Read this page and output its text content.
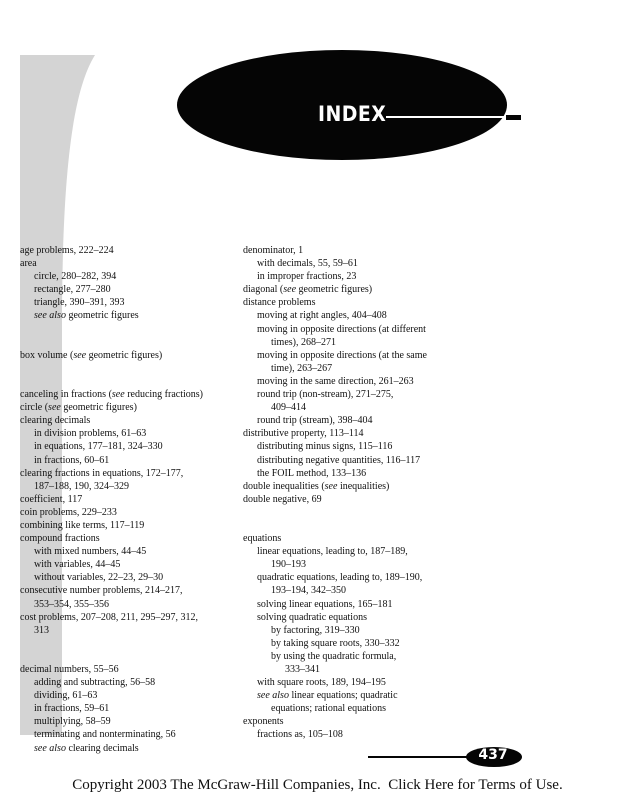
INDEX
age problems, 222–224
area
circle, 280–282, 394
rectangle, 277–280
triangle, 390–391, 393
see also geometric figures
box volume (see geometric figures)
canceling in fractions (see reducing fractions)
circle (see geometric figures)
clearing decimals
in division problems, 61–63
in equations, 177–181, 324–330
in fractions, 60–61
clearing fractions in equations, 172–177,
187–188, 190, 324–329
coefficient, 117
coin problems, 229–233
combining like terms, 117–119
compound fractions
with mixed numbers, 44–45
with variables, 44–45
without variables, 22–23, 29–30
consecutive number problems, 214–217,
353–354, 355–356
cost problems, 207–208, 211, 295–297, 312,
313
decimal numbers, 55–56
adding and subtracting, 56–58
dividing, 61–63
in fractions, 59–61
multiplying, 58–59
terminating and nonterminating, 56
see also clearing decimals
denominator, 1
with decimals, 55, 59–61
in improper fractions, 23
diagonal (see geometric figures)
distance problems
moving at right angles, 404–408
moving in opposite directions (at different
times), 268–271
moving in opposite directions (at the same
time), 263–267
moving in the same direction, 261–263
round trip (non-stream), 271–275,
409–414
round trip (stream), 398–404
distributive property, 113–114
distributing minus signs, 115–116
distributing negative quantities, 116–117
the FOIL method, 133–136
double inequalities (see inequalities)
double negative, 69
equations
linear equations, leading to, 187–189,
190–193
quadratic equations, leading to, 189–190,
193–194, 342–350
solving linear equations, 165–181
solving quadratic equations
by factoring, 319–330
by taking square roots, 330–332
by using the quadratic formula,
333–341
with square roots, 189, 194–195
see also linear equations; quadratic
equations; rational equations
exponents
fractions as, 105–108
437
Copyright 2003 The McGraw-Hill Companies, Inc. Click Here for Terms of Use.
